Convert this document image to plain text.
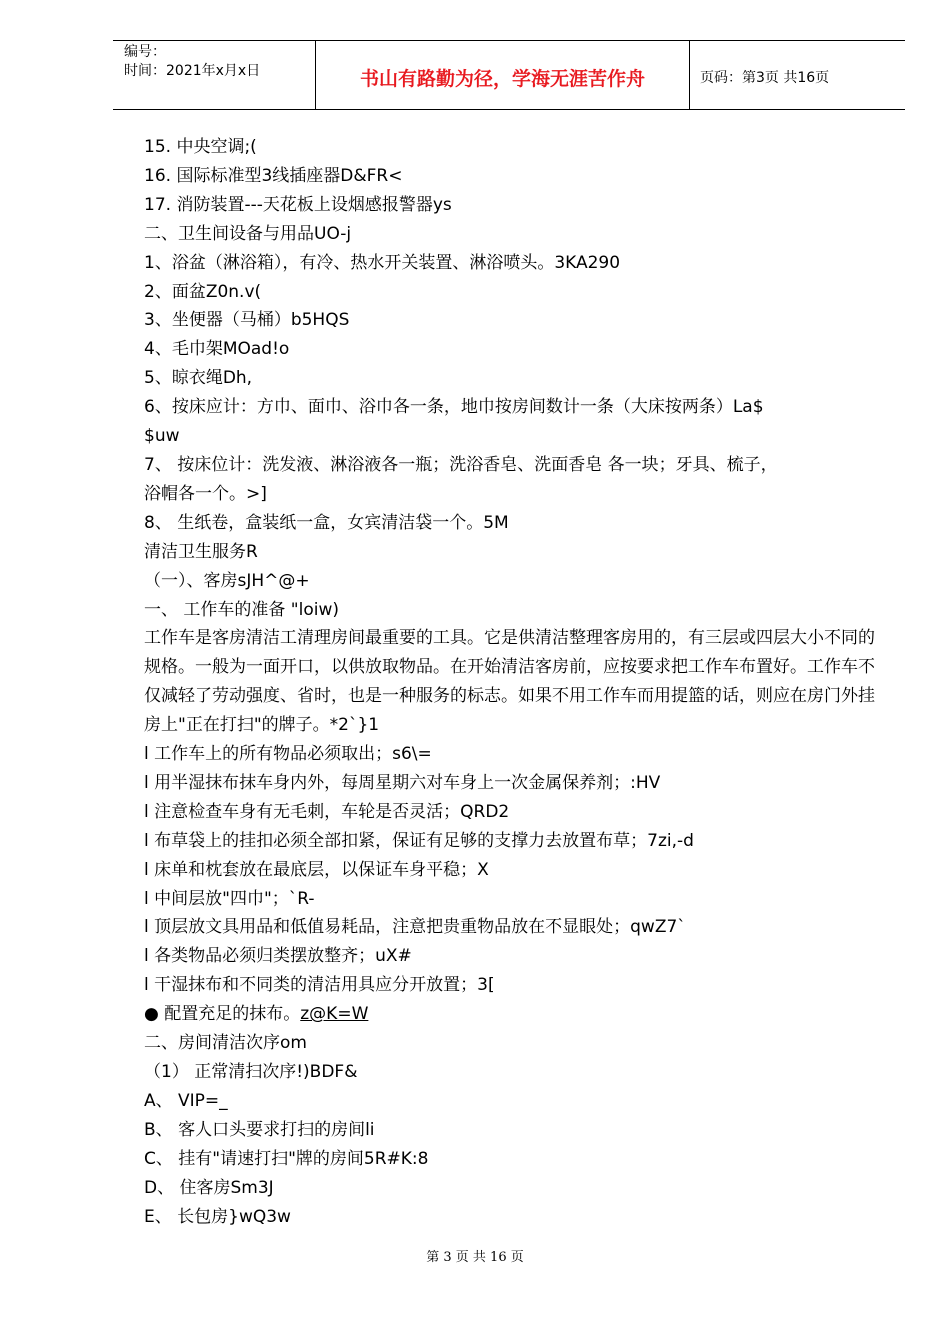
编号：
时间：2021年x月x日	书山有路勤为径，学海无涯苦作舟	页码：第3页 共16页
15. 中央空调;(
16. 国际标准型3线插座器D&FR<
17. 消防装置---天花板上设烟感报警器ys
二、卫生间设备与用品UO-j
1、浴盆（淋浴箱），有冷、热水开关装置、淋浴喷头。3KA290
2、面盆Z0n.v(
3、坐便器（马桶）b5HQS
4、毛巾架MOad!o
5、晾衣绳Dh,
6、按床应计：方巾、面巾、浴巾各一条，地巾按房间数计一条（大床按两条）La$
$uw
7、 按床位计：洗发液、淋浴液各一瓶；洗浴香皂、洗面香皂 各一块；牙具、梳子，
浴帽各一个。>]
8、 生纸卷，盒装纸一盒，女宾清洁袋一个。5M
清洁卫生服务R
（一）、客房sJH^@+
一、 工作车的准备 "loiw)
工作车是客房清洁工清理房间最重要的工具。它是供清洁整理客房用的，有三层或四层大小不同的规格。一般为一面开口，以供放取物品。在开始清洁客房前，应按要求把工作车布置好。工作车不仅减轻了劳动强度、省时，也是一种服务的标志。如果不用工作车而用提篮的话，则应在房门外挂房上"正在打扫"的牌子。*2`}1
l 工作车上的所有物品必须取出；s6\=
l 用半湿抹布抹车身内外，每周星期六对车身上一次金属保养剂；:HV
l 注意检查车身有无毛刺，车轮是否灵活；QRD2
l 布草袋上的挂扣必须全部扣紧，保证有足够的支撑力去放置布草；7zi,-d
l 床单和枕套放在最底层，以保证车身平稳；X
l 中间层放"四巾"；`R-
l 顶层放文具用品和低值易耗品，注意把贵重物品放在不显眼处；qwZ7`
l 各类物品必须归类摆放整齐；uX#
l 干湿抹布和不同类的清洁用具应分开放置；3[
● 配置充足的抹布。z@K=W
二、房间清洁次序om
（1） 正常清扫次序!)BDF&
A、 VIP=_
B、 客人口头要求打扫的房间li
C、 挂有"请速打扫"牌的房间5R#K:8
D、 住客房Sm3J
E、 长包房}wQ3w
第 3 页 共 16 页
